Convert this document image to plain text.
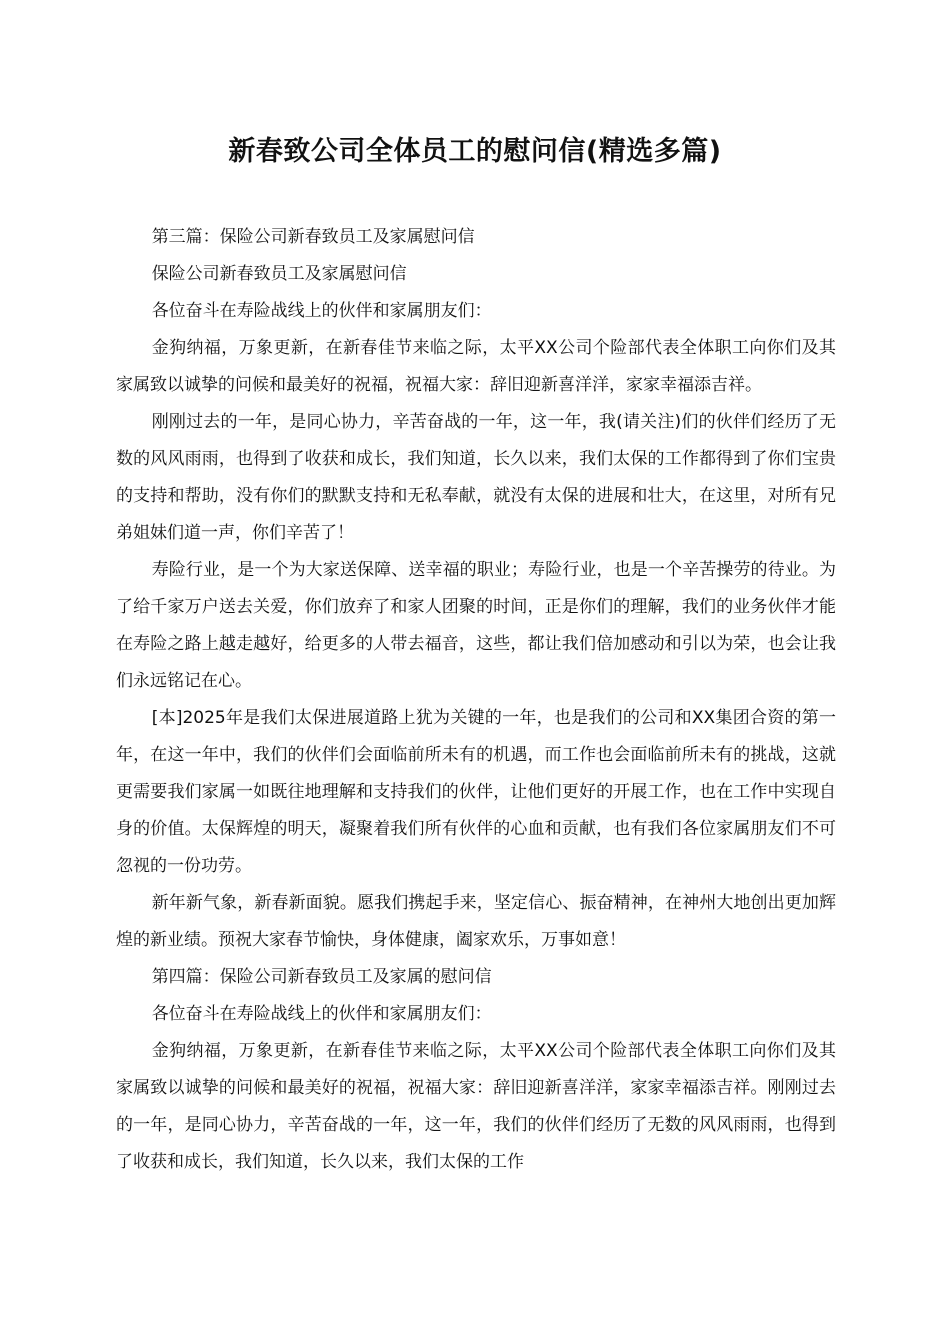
新春致公司全体员工的慰问信(精选多篇)

第三篇：保险公司新春致员工及家属慰问信

保险公司新春致员工及家属慰问信

各位奋斗在寿险战线上的伙伴和家属朋友们：

金狗纳福，万象更新，在新春佳节来临之际，太平XX公司个险部代表全体职工向你们及其家属致以诚挚的问候和最美好的祝福，祝福大家：辞旧迎新喜洋洋，家家幸福添吉祥。

刚刚过去的一年，是同心协力，辛苦奋战的一年，这一年，我(请关注)们的伙伴们经历了无数的风风雨雨，也得到了收获和成长，我们知道，长久以来，我们太保的工作都得到了你们宝贵的支持和帮助，没有你们的默默支持和无私奉献，就没有太保的进展和壮大，在这里，对所有兄弟姐妹们道一声，你们辛苦了！

寿险行业，是一个为大家送保障、送幸福的职业；寿险行业，也是一个辛苦操劳的待业。为了给千家万户送去关爱，你们放弃了和家人团聚的时间，正是你们的理解，我们的业务伙伴才能在寿险之路上越走越好，给更多的人带去福音，这些，都让我们倍加感动和引以为荣，也会让我们永远铭记在心。

[本]2025年是我们太保进展道路上犹为关键的一年，也是我们的公司和XX集团合资的第一年，在这一年中，我们的伙伴们会面临前所未有的机遇，而工作也会面临前所未有的挑战，这就更需要我们家属一如既往地理解和支持我们的伙伴，让他们更好的开展工作，也在工作中实现自身的价值。太保辉煌的明天，凝聚着我们所有伙伴的心血和贡献，也有我们各位家属朋友们不可忽视的一份功劳。

新年新气象，新春新面貌。愿我们携起手来，坚定信心、振奋精神，在神州大地创出更加辉煌的新业绩。预祝大家春节愉快，身体健康，阖家欢乐，万事如意！

第四篇：保险公司新春致员工及家属的慰问信

各位奋斗在寿险战线上的伙伴和家属朋友们：

金狗纳福，万象更新，在新春佳节来临之际，太平XX公司个险部代表全体职工向你们及其家属致以诚挚的问候和最美好的祝福，祝福大家：辞旧迎新喜洋洋，家家幸福添吉祥。刚刚过去的一年，是同心协力，辛苦奋战的一年，这一年，我们的伙伴们经历了无数的风风雨雨，也得到了收获和成长，我们知道，长久以来，我们太保的工作
